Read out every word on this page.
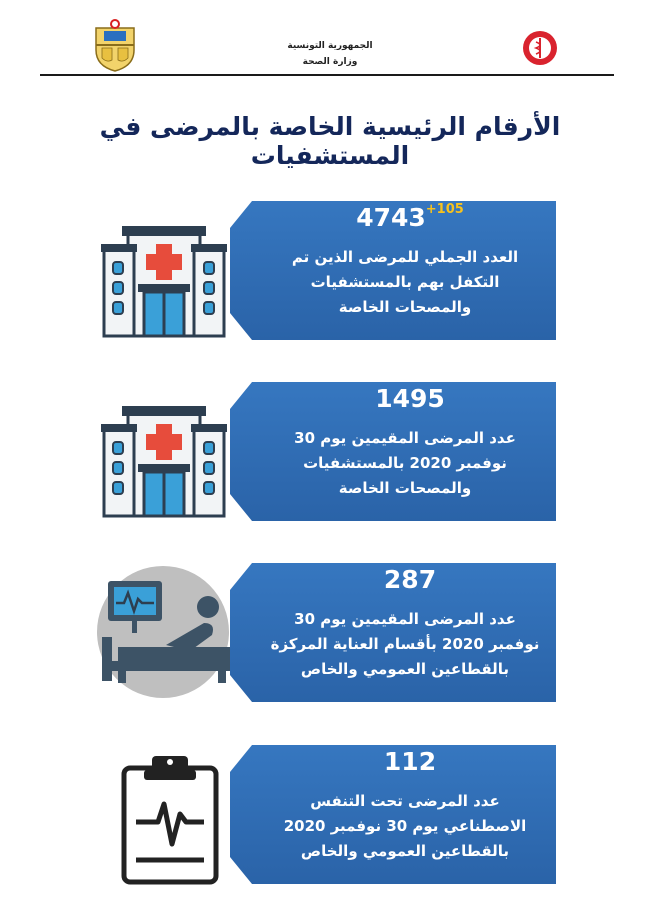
الجمهورية التونسية
وزارة الصحة
الأرقام الرئيسية الخاصة بالمرضى في المستشفيات
$4743^{+105}$
العدد الجملي للمرضى الذين تم التكفل بهم بالمستشفيات والمصحات الخاصة
1495
عدد المرضى المقيمين يوم 30 نوفمبر 2020 بالمستشفيات والمصحات الخاصة
287
عدد المرضى المقيمين يوم 30 نوفمبر 2020 بأقسام العناية المركزة بالقطاعين العمومي والخاص
112
عدد المرضى تحت التنفس الاصطناعي يوم 30 نوفمبر 2020 بالقطاعين العمومي والخاص
